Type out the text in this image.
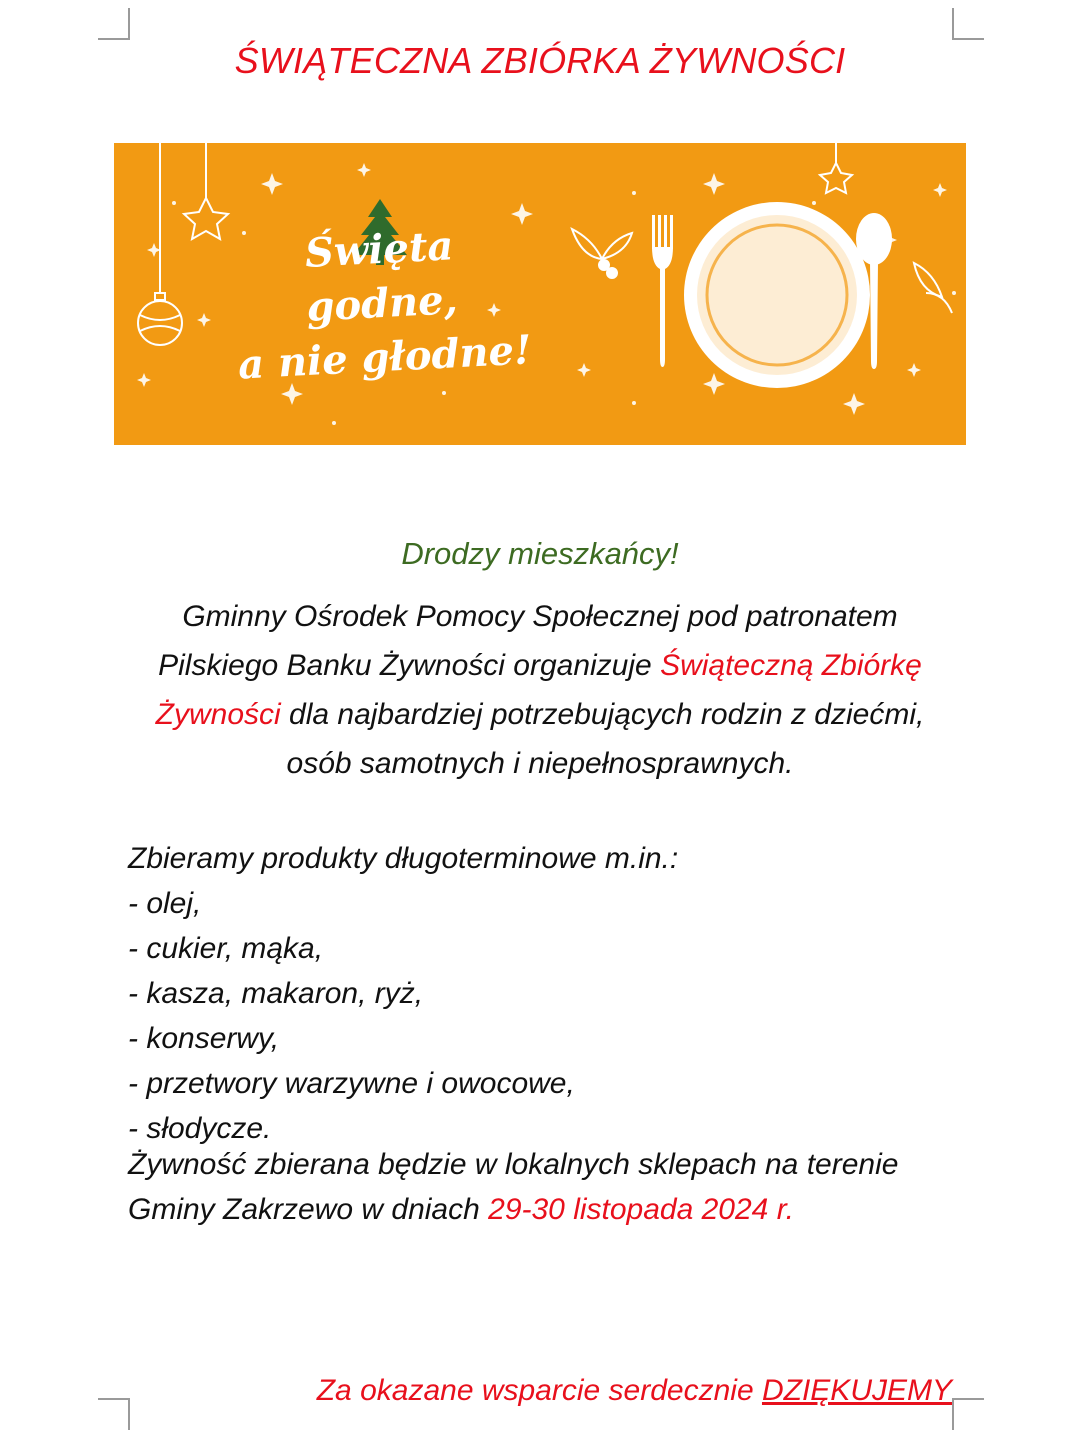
ŚWIĄTECZNA ZBIÓRKA ŻYWNOŚCI
Święta godne,
a nie głodne!
Drodzy mieszkańcy!
Gminny Ośrodek Pomocy Społecznej pod patronatem Pilskiego Banku Żywności organizuje Świąteczną Zbiórkę Żywności dla najbardziej potrzebujących rodzin z dziećmi, osób samotnych i niepełnosprawnych.
Zbieramy produkty długoterminowe m.in.:
- olej,
- cukier, mąka,
- kasza, makaron, ryż,
- konserwy,
- przetwory warzywne i owocowe,
- słodycze.
Żywność zbierana będzie w lokalnych sklepach na terenie Gminy Zakrzewo w dniach 29-30 listopada 2024 r.
Za okazane wsparcie serdecznie DZIĘKUJEMY
